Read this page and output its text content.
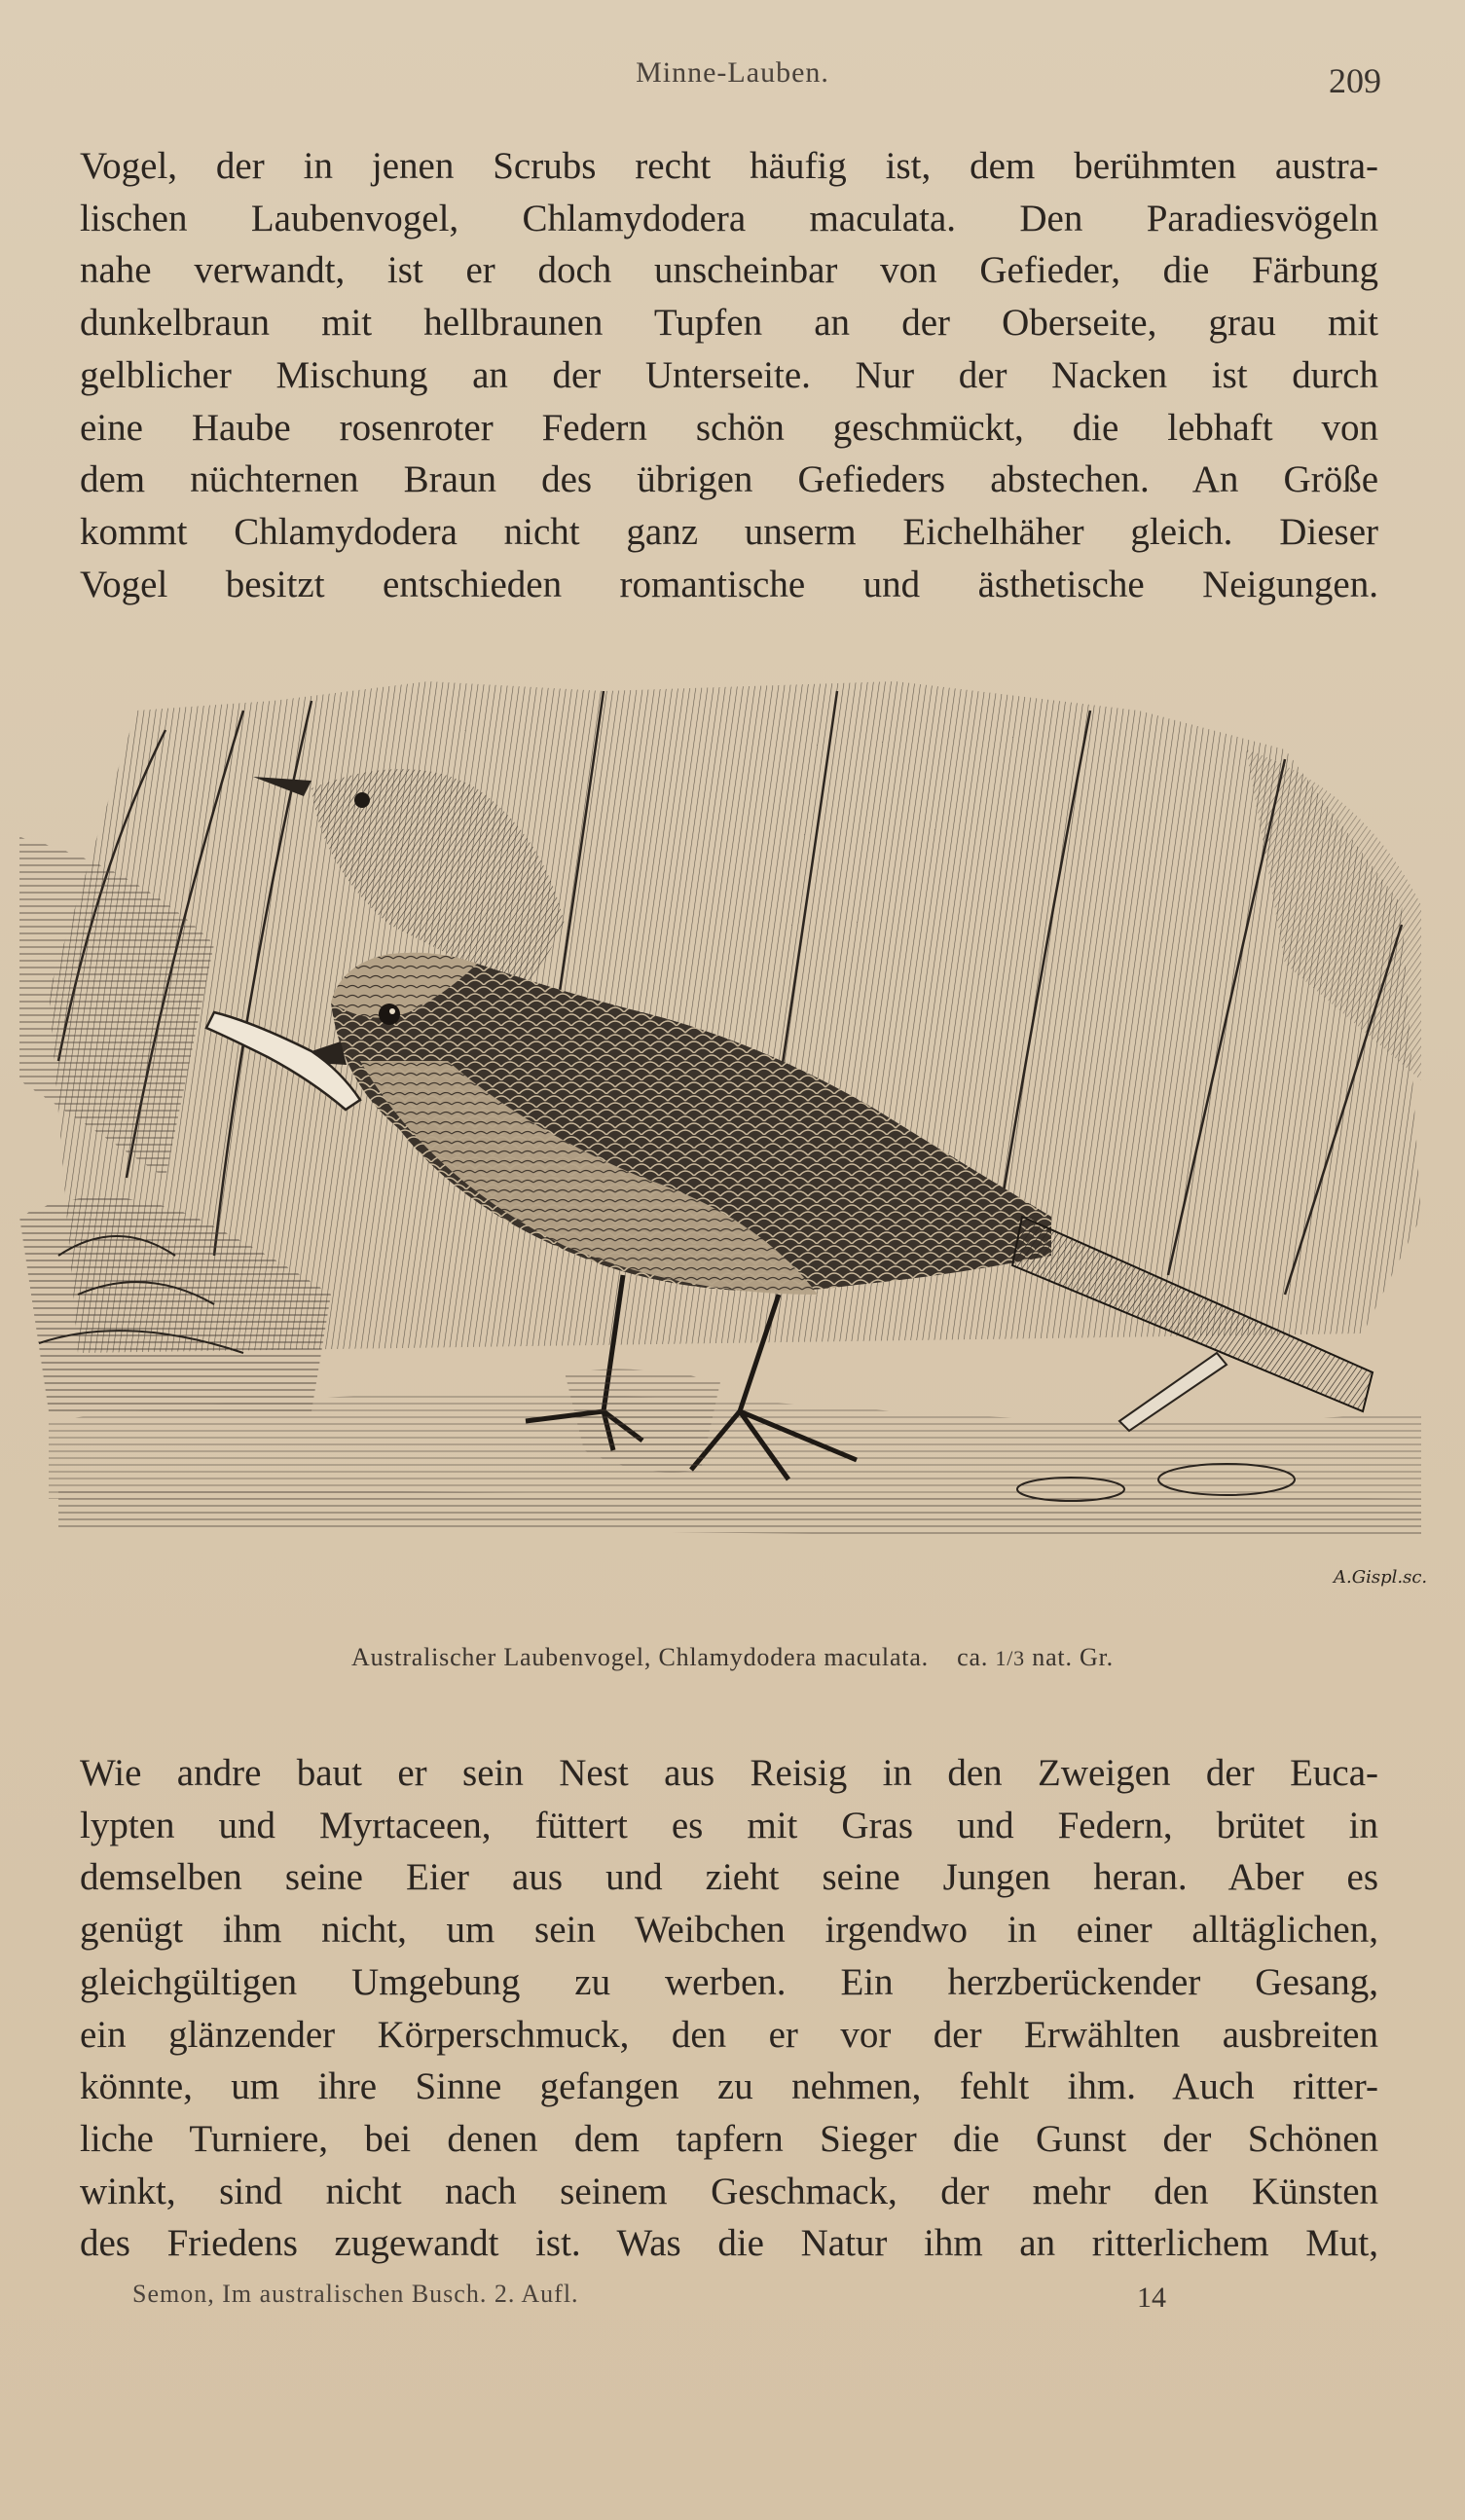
Minne-Lauben.	209
Vogel, der in jenen Scrubs recht häufig ist, dem berühmten austra-
lischen Laubenvogel, Chlamydodera maculata. Den Paradiesvögeln
nahe verwandt, ist er doch unscheinbar von Gefieder, die Färbung
dunkelbraun mit hellbraunen Tupfen an der Oberseite, grau mit
gelblicher Mischung an der Unterseite. Nur der Nacken ist durch
eine Haube rosenroter Federn schön geschmückt, die lebhaft von
dem nüchternen Braun des übrigen Gefieders abstechen. An Größe
kommt Chlamydodera nicht ganz unserm Eichelhäher gleich. Dieser
Vogel besitzt entschieden romantische und ästhetische Neigungen.
A.Gispl.sc.
Australischer Laubenvogel, Chlamydodera maculata. ca. 1/3 nat. Gr.
Wie andre baut er sein Nest aus Reisig in den Zweigen der Euca-
lypten und Myrtaceen, füttert es mit Gras und Federn, brütet in
demselben seine Eier aus und zieht seine Jungen heran. Aber es
genügt ihm nicht, um sein Weibchen irgendwo in einer alltäglichen,
gleichgültigen Umgebung zu werben. Ein herzberückender Gesang,
ein glänzender Körperschmuck, den er vor der Erwählten ausbreiten
könnte, um ihre Sinne gefangen zu nehmen, fehlt ihm. Auch ritter-
liche Turniere, bei denen dem tapfern Sieger die Gunst der Schönen
winkt, sind nicht nach seinem Geschmack, der mehr den Künsten
des Friedens zugewandt ist. Was die Natur ihm an ritterlichem Mut,
Semon, Im australischen Busch. 2. Aufl.	14
